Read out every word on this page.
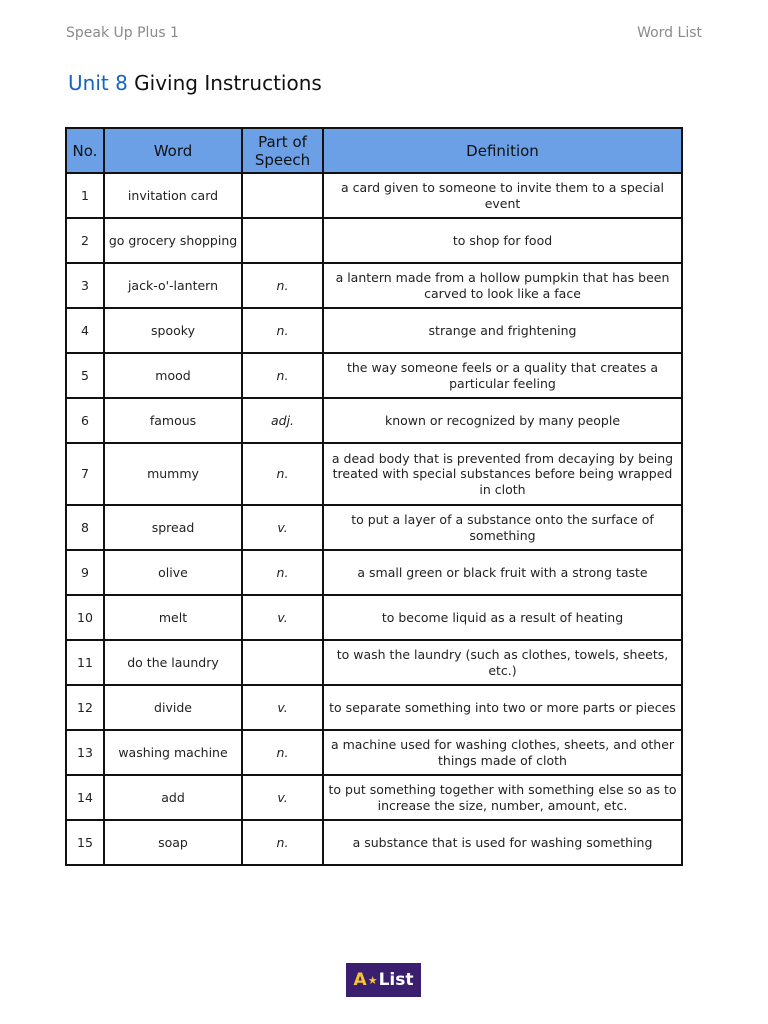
Speak Up Plus 1	Word List
Unit 8 Giving Instructions
No.	Word	Part of Speech	Definition
1	invitation card		a card given to someone to invite them to a special event
2	go grocery shopping		to shop for food
3	jack-o'-lantern	n.	a lantern made from a hollow pumpkin that has been carved to look like a face
4	spooky	n.	strange and frightening
5	mood	n.	the way someone feels or a quality that creates a particular feeling
6	famous	adj.	known or recognized by many people
7	mummy	n.	a dead body that is prevented from decaying by being treated with special substances before being wrapped in cloth
8	spread	v.	to put a layer of a substance onto the surface of something
9	olive	n.	a small green or black fruit with a strong taste
10	melt	v.	to become liquid as a result of heating
11	do the laundry		to wash the laundry (such as clothes, towels, sheets, etc.)
12	divide	v.	to separate something into two or more parts or pieces
13	washing machine	n.	a machine used for washing clothes, sheets, and other things made of cloth
14	add	v.	to put something together with something else so as to increase the size, number, amount, etc.
15	soap	n.	a substance that is used for washing something
A ★ List
